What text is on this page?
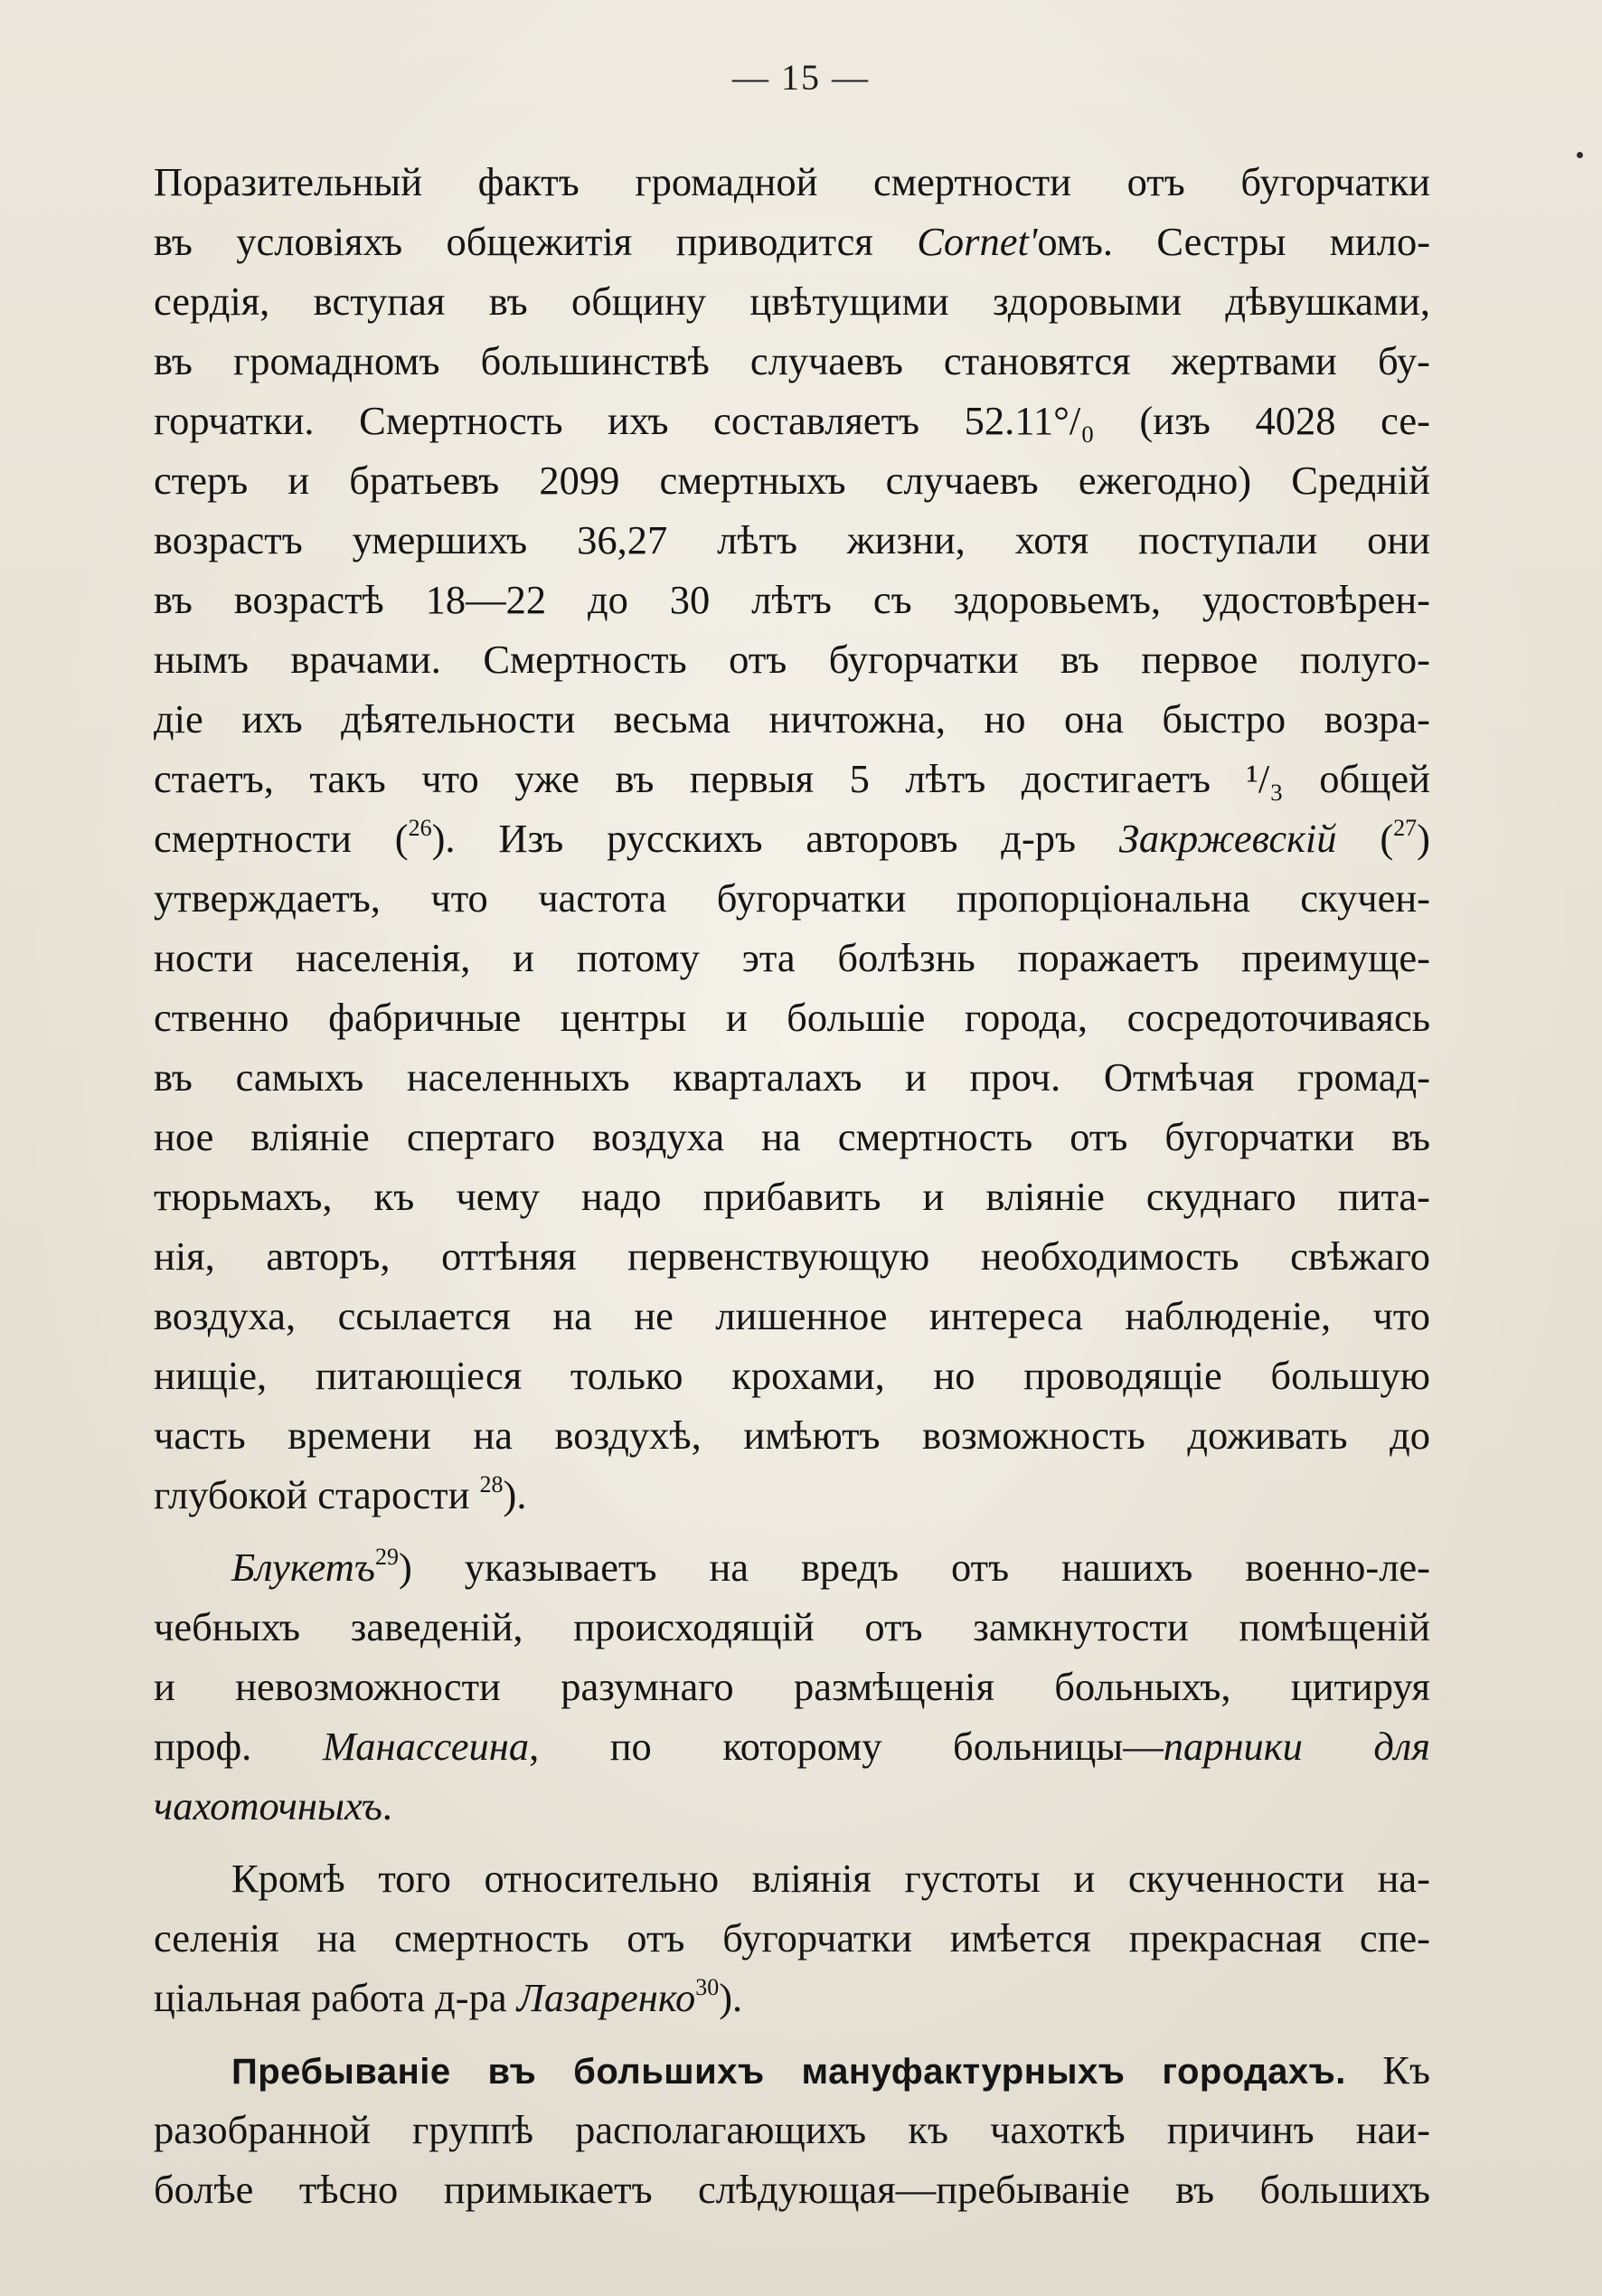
— 15 —
Поразительный фактъ громадной смертности отъ бугорчатки
въ условіяхъ общежитія приводится Cornet'омъ. Сестры мило-
сердія, вступая въ общину цвѣтущими здоровыми дѣвушками,
въ громадномъ большинствѣ случаевъ становятся жертвами бу-
горчатки. Смертность ихъ составляетъ 52.11°/₀ (изъ 4028 се-
стеръ и братьевъ 2099 смертныхъ случаевъ ежегодно) Средній
возрастъ умершихъ 36,27 лѣтъ жизни, хотя поступали они
въ возрастѣ 18—22 до 30 лѣтъ съ здоровьемъ, удостовѣрен-
нымъ врачами. Смертность отъ бугорчатки въ первое полуго-
діе ихъ дѣятельности весьма ничтожна, но она быстро возра-
стаетъ, такъ что уже въ первыя 5 лѣтъ достигаетъ ¹/₃ общей
смертности ($^{26}$). Изъ русскихъ авторовъ д-ръ Закржевскій ($^{27}$)
утверждаетъ, что частота бугорчатки пропорціональна скучен-
ности населенія, и потому эта болѣзнь поражаетъ преимуще-
ственно фабричные центры и большіе города, сосредоточиваясь
въ самыхъ населенныхъ кварталахъ и проч. Отмѣчая громад-
ное вліяніе спертаго воздуха на смертность отъ бугорчатки въ
тюрьмахъ, къ чему надо прибавить и вліяніе скуднаго пита-
нія, авторъ, оттѣняя первенствующую необходимость свѣжаго
воздуха, ссылается на не лишенное интереса наблюденіе, что
нищіе, питающіеся только крохами, но проводящіе большую
часть времени на воздухѣ, имѣютъ возможность доживать до
глубокой старости $^{28}$).
Блукетъ$^{29}$) указываетъ на вредъ отъ нашихъ военно-ле-
чебныхъ заведеній, происходящій отъ замкнутости помѣщеній
и невозможности разумнаго размѣщенія больныхъ, цитируя
проф. Манассеина, по которому больницы—парники для
чахоточныхъ.
Кромѣ того относительно вліянія густоты и скученности на-
селенія на смертность отъ бугорчатки имѣется прекрасная спе-
ціальная работа д-ра Лазаренко$^{30}$).
Пребываніе въ большихъ мануфактурныхъ городахъ. Къ
разобранной группѣ располагающихъ къ чахоткѣ причинъ наи-
болѣе тѣсно примыкаетъ слѣдующая—пребываніе въ большихъ
